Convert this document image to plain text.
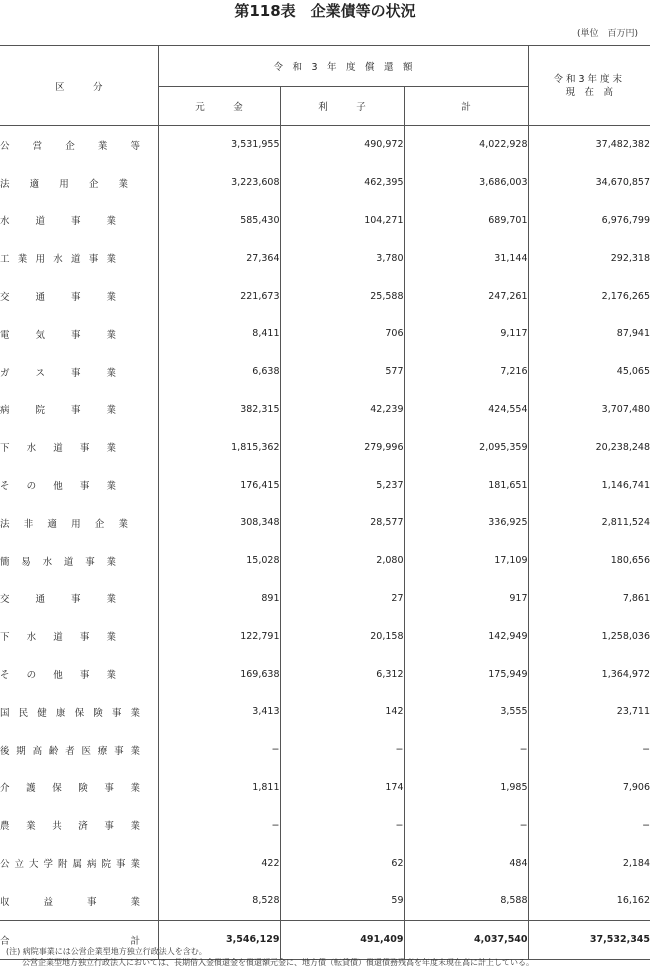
第118表　企業債等の状況
(単位　百万円)
区　　　分	令　和　3　年　度　償　還　額			令和3年度末
現　在　高

	元　　　金	利　　　子	計	
公営企業等	3,531,955	490,972	4,022,928	37,482,382
法適用企業	3,223,608	462,395	3,686,003	34,670,857
水道事業	585,430	104,271	689,701	6,976,799
工業用水道事業	27,364	3,780	31,144	292,318
交通事業	221,673	25,588	247,261	2,176,265
電気事業	8,411	706	9,117	87,941
ガス事業	6,638	577	7,216	45,065
病院事業	382,315	42,239	424,554	3,707,480
下水道事業	1,815,362	279,996	2,095,359	20,238,248
その他事業	176,415	5,237	181,651	1,146,741
法非適用企業	308,348	28,577	336,925	2,811,524
簡易水道事業	15,028	2,080	17,109	180,656
交通事業	891	27	917	7,861
下水道事業	122,791	20,158	142,949	1,258,036
その他事業	169,638	6,312	175,949	1,364,972
国民健康保険事業	3,413	142	3,555	23,711
後期高齢者医療事業	−	−	−	−
介護保険事業	1,811	174	1,985	7,906
農業共済事業	−	−	−	−
公立大学附属病院事業	422	62	484	2,184
収益事業	8,528	59	8,588	16,162
合計	3,546,129	491,409	4,037,540	37,532,345
(注) 病院事業には公営企業型地方独立行政法人を含む。
公営企業型地方独立行政法人においては、長期借入金償還金を償還額元金に、地方債（転貸債）償還債務残高を年度末現在高に計上している。
